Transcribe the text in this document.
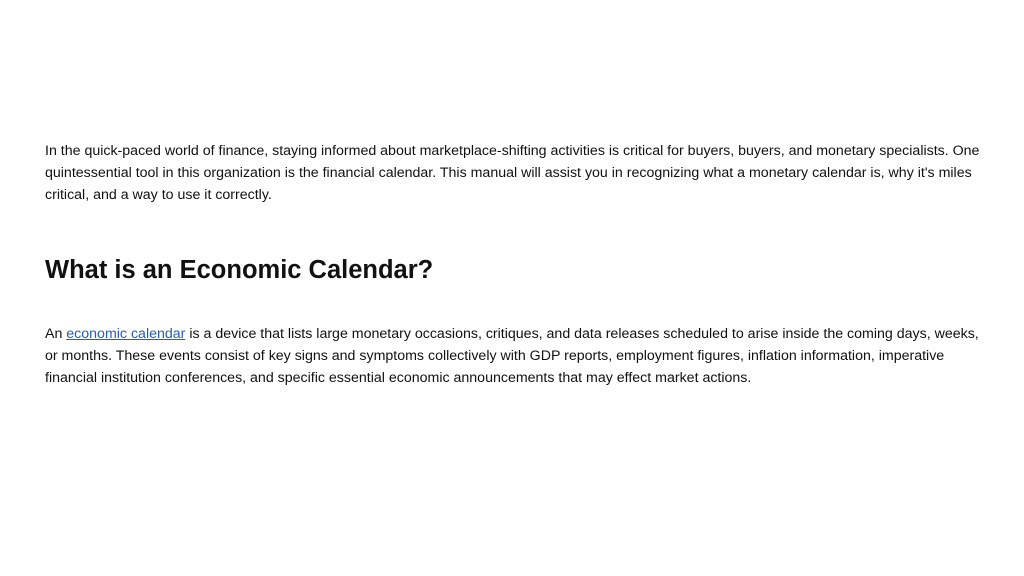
In the quick-paced world of finance, staying informed about marketplace-shifting activities is critical for buyers, buyers, and monetary specialists. One quintessential tool in this organization is the financial calendar. This manual will assist you in recognizing what a monetary calendar is, why it's miles critical, and a way to use it correctly.

What is an Economic Calendar?

An economic calendar is a device that lists large monetary occasions, critiques, and data releases scheduled to arise inside the coming days, weeks, or months. These events consist of key signs and symptoms collectively with GDP reports, employment figures, inflation information, imperative financial institution conferences, and specific essential economic announcements that may effect market actions.
